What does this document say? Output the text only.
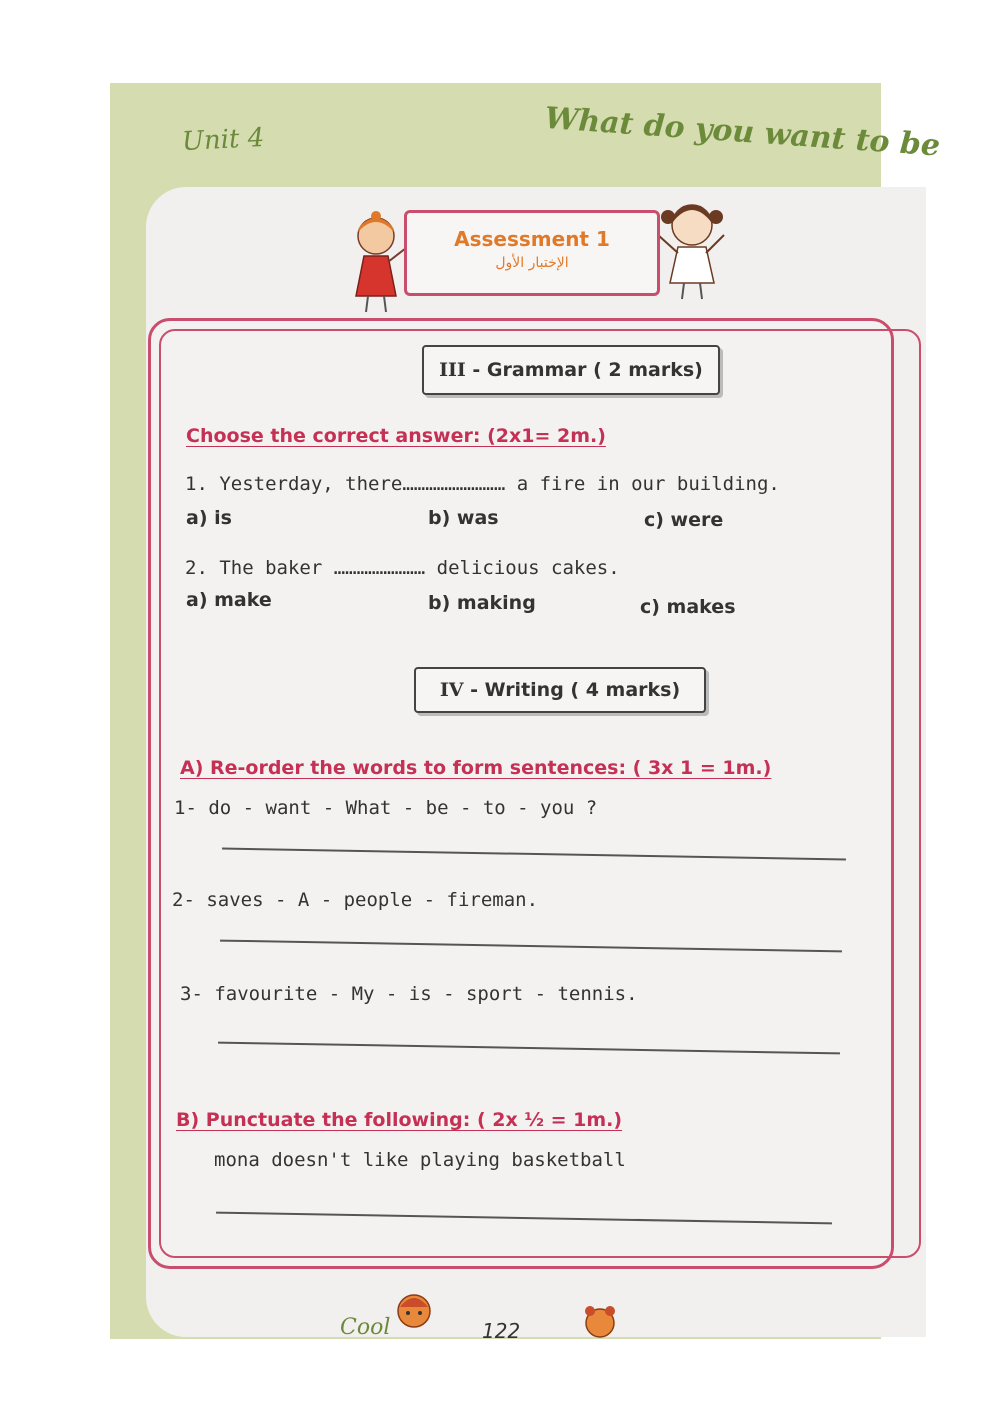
Unit 4	What do you want to be
Assessment 1
الإختبار الأول
III - Grammar ( 2 marks)
Choose the correct answer: (2x1= 2m.)
1. Yesterday, there……………………… a fire in our building.
a) is	b) was	c) were
2. The baker …………………… delicious cakes.
a) make	b) making	c) makes
IV - Writing ( 4 marks)
A) Re-order the words to form sentences: ( 3x 1 = 1m.)
1- do - want - What - be - to - you ?
2- saves - A - people - fireman.
3- favourite - My - is - sport - tennis.
B) Punctuate the following: ( 2x ½ = 1m.)
mona doesn't like playing basketball
Cool	122
